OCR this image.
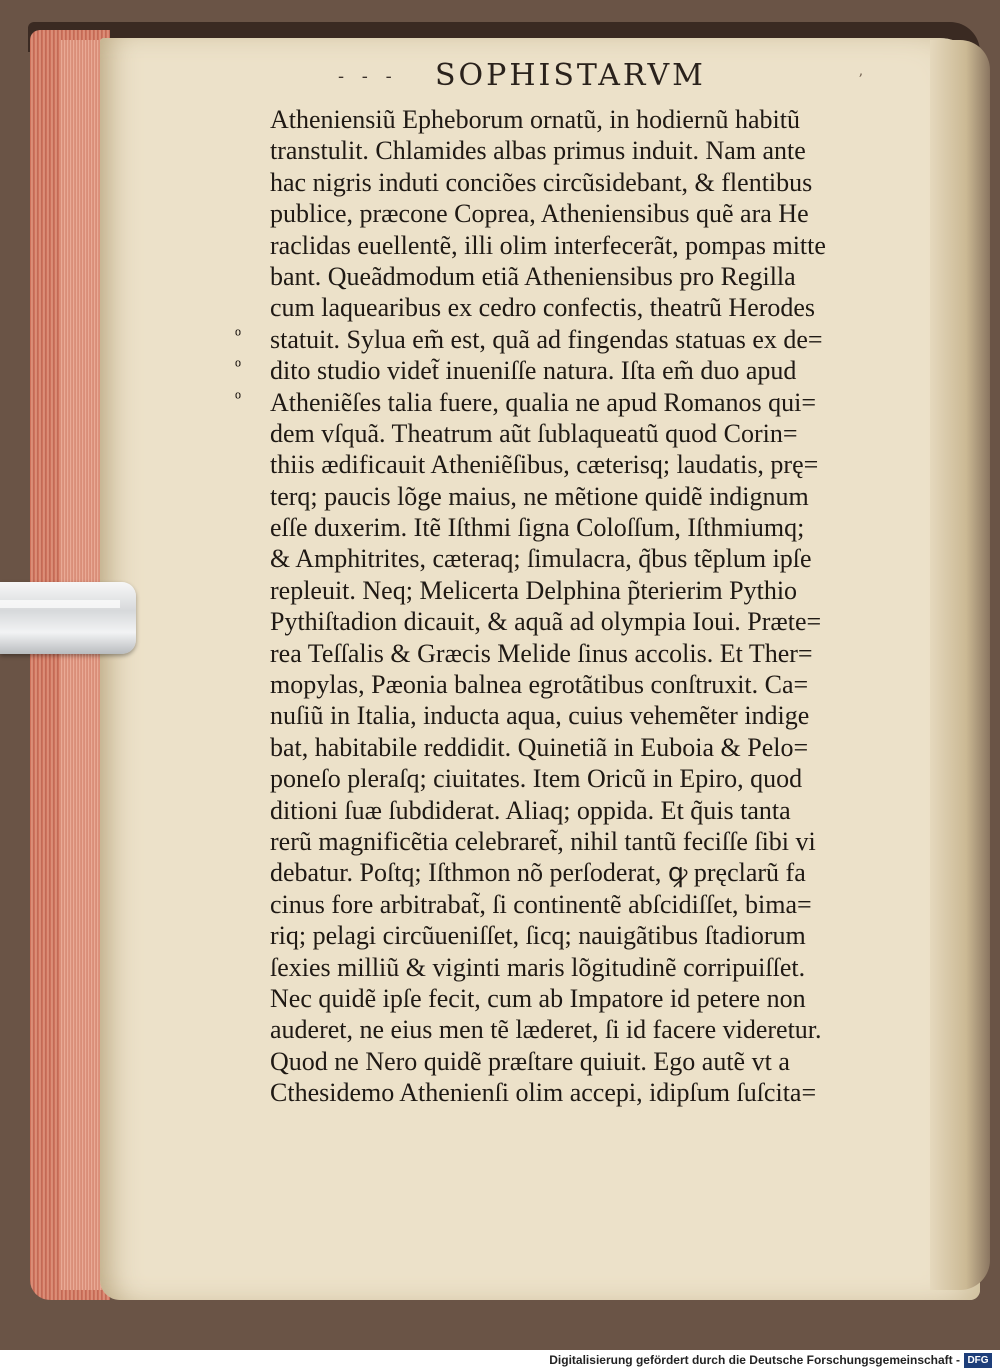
- - - SOPHISTARVM	ʼ
Atheniensiũ Epheborum ornatũ, in hodiernũ habitũ
transtulit. Chlamides albas primus induit. Nam ante
hac nigris induti conciões circũsidebant, & flentibus
publice, præcone Coprea, Atheniensibus quẽ ara He
raclidas euellentẽ, illi olim interfecerãt, pompas mitte
bant. Queãdmodum etiã Atheniensibus pro Regilla
cum laquearibus ex cedro confectis, theatrũ Herodes
statuit. Sylua em̃ est, quã ad fingendas statuas ex de=
dito studio videt̃ inueniſſe natura. Iſta em̃ duo apud
Atheniẽſes talia fuere, qualia ne apud Romanos qui=
dem vſquã. Theatrum aũt ſublaqueatũ quod Corin=
thiis ædificauit Atheniẽſibus, cæterisq; laudatis, prę=
terq; paucis lõge maius, ne mẽtione quidẽ indignum
eſſe duxerim. Itẽ Iſthmi ſigna Coloſſum, Iſthmiumq;
& Amphitrites, cæteraq; ſimulacra, q̃bus tẽplum ipſe
repleuit. Neq; Melicerta Delphina p̃terierim Pythio
Pythiſtadion dicauit, & aquã ad olympia Ioui. Præte=
rea Teſſalis & Græcis Melide ſinus accolis. Et Ther=
mopylas, Pæonia balnea egrotãtibus conſtruxit. Ca=
nuſiũ in Italia, inducta aqua, cuius vehemẽter indige
bat, habitabile reddidit. Quinetiã in Euboia & Pelo=
poneſo pleraſq; ciuitates. Item Oricũ in Epiro, quod
ditioni ſuæ ſubdiderat. Aliaq; oppida. Et q̃uis tanta
rerũ magnificẽtia celebraret̃, nihil tantũ feciſſe ſibi vi
debatur. Poſtq; Iſthmon nõ perſoderat, ꝙ pręclarũ fa
cinus fore arbitrabat̃, ſi continentẽ abſcidiſſet, bima=
riq; pelagi circũueniſſet, ſicq; nauigãtibus ſtadiorum
ſexies milliũ & viginti maris lõgitudinẽ corripuiſſet.
Nec quidẽ ipſe fecit, cum ab Impatore id petere non
auderet, ne eius men tẽ læderet, ſi id facere videretur.
Quod ne Nero quidẽ præſtare quiuit. Ego autẽ vt a
Cthesidemo Athenienſi olim accepi, idipſum ſuſcita=
Digitalisierung gefördert durch die Deutsche Forschungsgemeinschaft - DFG
